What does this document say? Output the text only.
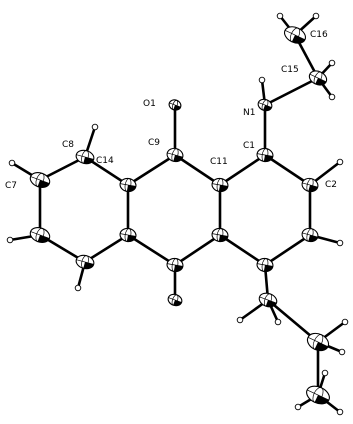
O1
N1
C1
C2
C7
C8	C9
C11
C14
C15
C16
